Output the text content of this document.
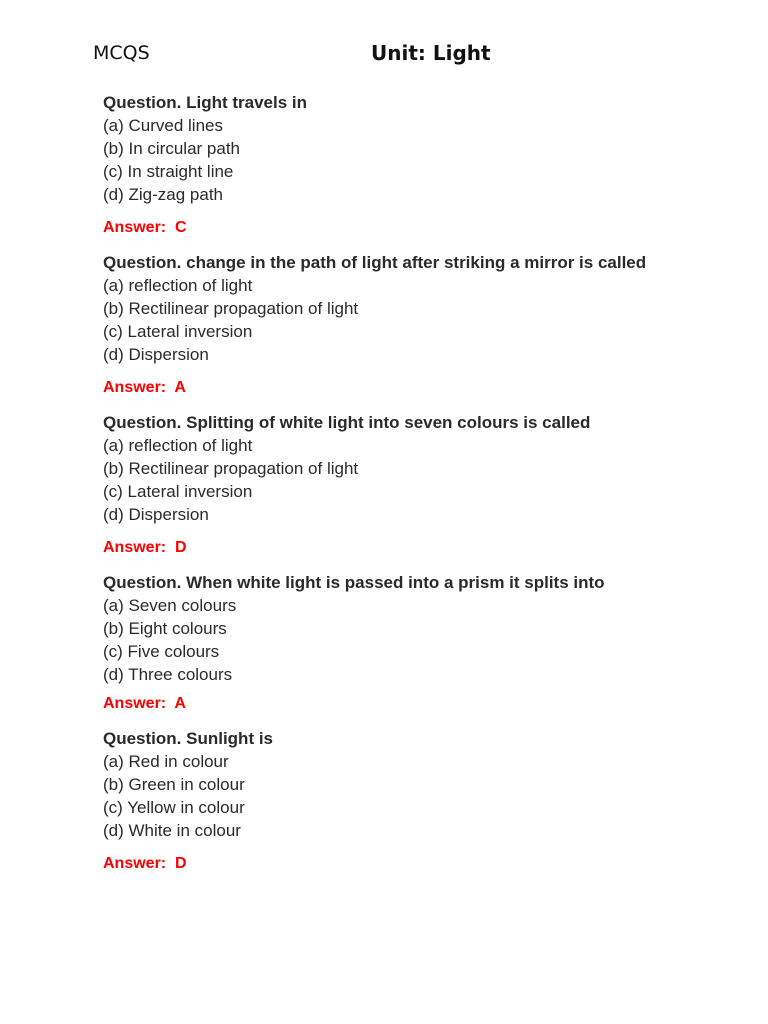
MCQS	Unit: Light
Question. Light travels in
(a) Curved lines
(b) In circular path
(c) In straight line
(d) Zig-zag path
Answer:  C
Question. change in the path of light after striking a mirror is called
(a) reflection of light
(b) Rectilinear propagation of light
(c) Lateral inversion
(d) Dispersion
Answer:  A
Question. Splitting of white light into seven colours is called
(a) reflection of light
(b) Rectilinear propagation of light
(c) Lateral inversion
(d) Dispersion
Answer:  D
Question. When white light is passed into a prism it splits into
(a) Seven colours
(b) Eight colours
(c) Five colours
(d) Three colours
Answer:  A
Question. Sunlight is
(a) Red in colour
(b) Green in colour
(c) Yellow in colour
(d) White in colour
Answer:  D
